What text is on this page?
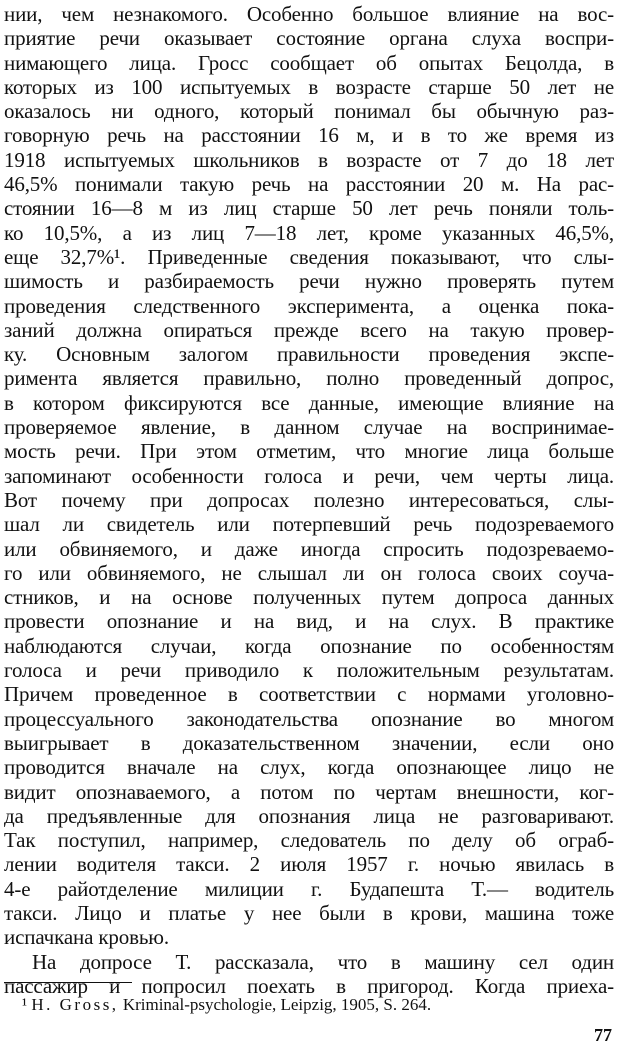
нии, чем незнакомого. Особенно большое влияние на вос-
приятие речи оказывает состояние органа слуха воспри-
нимающего лица. Гросс сообщает об опытах Бецолда, в
которых из 100 испытуемых в возрасте старше 50 лет не
оказалось ни одного, который понимал бы обычную раз-
говорную речь на расстоянии 16 м, и в то же время из
1918 испытуемых школьников в возрасте от 7 до 18 лет
46,5% понимали такую речь на расстоянии 20 м. На рас-
стоянии 16—8 м из лиц старше 50 лет речь поняли толь-
ко 10,5%, а из лиц 7—18 лет, кроме указанных 46,5%,
еще 32,7%¹. Приведенные сведения показывают, что слы-
шимость и разбираемость речи нужно проверять путем
проведения следственного эксперимента, а оценка пока-
заний должна опираться прежде всего на такую провер-
ку. Основным залогом правильности проведения экспе-
римента является правильно, полно проведенный допрос,
в котором фиксируются все данные, имеющие влияние на
проверяемое явление, в данном случае на воспринимае-
мость речи. При этом отметим, что многие лица больше
запоминают особенности голоса и речи, чем черты лица.
Вот почему при допросах полезно интересоваться, слы-
шал ли свидетель или потерпевший речь подозреваемого
или обвиняемого, и даже иногда спросить подозреваемо-
го или обвиняемого, не слышал ли он голоса своих соуча-
стников, и на основе полученных путем допроса данных
провести опознание и на вид, и на слух. В практике
наблюдаются случаи, когда опознание по особенностям
голоса и речи приводило к положительным результатам.
Причем проведенное в соответствии с нормами уголовно-
процессуального законодательства опознание во многом
выигрывает в доказательственном значении, если оно
проводится вначале на слух, когда опознающее лицо не
видит опознаваемого, а потом по чертам внешности, ког-
да предъявленные для опознания лица не разговаривают.
Так поступил, например, следователь по делу об ограб-
лении водителя такси. 2 июля 1957 г. ночью явилась в
4-е райотделение милиции г. Будапешта Т.— водитель
такси. Лицо и платье у нее были в крови, машина тоже
испачкана кровью.
На допросе Т. рассказала, что в машину сел один
пассажир и попросил поехать в пригород. Когда приеха-
¹ H. Gross, Kriminal-psychologie, Leipzig, 1905, S. 264.
77
